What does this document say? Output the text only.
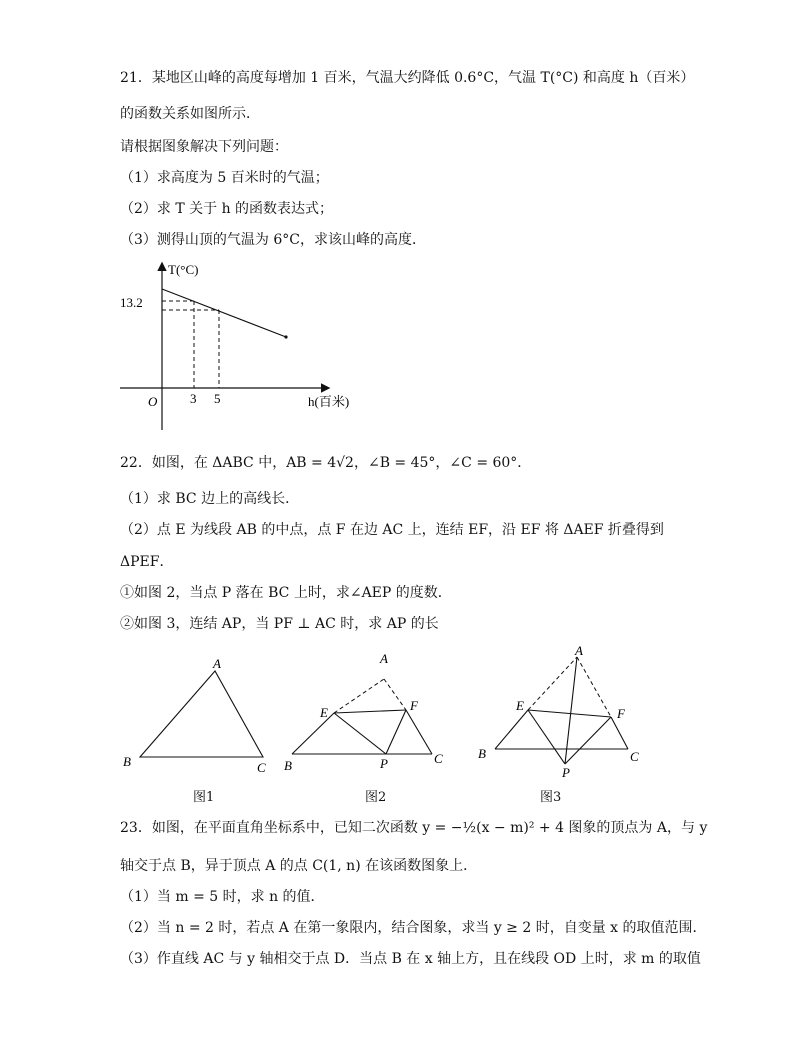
21．某地区山峰的高度每增加 1 百米，气温大约降低 0.6°C，气温 T(°C) 和高度 h（百米）
的函数关系如图所示．
请根据图象解决下列问题：
（1）求高度为 5 百米时的气温；
（2）求 T 关于 h 的函数表达式；
（3）测得山顶的气温为 6°C，求该山峰的高度．
T(°C)
13.2
O	3 5	h(百米)
22．如图，在 ΔABC 中，AB = 4√2，∠B = 45°，∠C = 60°．
（1）求 BC 边上的高线长．
（2）点 E 为线段 AB 的中点，点 F 在边 AC 上，连结 EF，沿 EF 将 ΔAEF 折叠得到
ΔPEF．
①如图 2，当点 P 落在 BC 上时，求∠AEP 的度数．
②如图 3，连结 AP，当 PF ⊥ AC 时，求 AP 的长
A
B	C
A
E	F
B	P	C
A
E
F
B
P
C
图1	图2	图3
23．如图，在平面直角坐标系中，已知二次函数 y = −½(x − m)² + 4 图象的顶点为 A，与 y
轴交于点 B，异于顶点 A 的点 C(1, n) 在该函数图象上．
（1）当 m = 5 时，求 n 的值．
（2）当 n = 2 时，若点 A 在第一象限内，结合图象，求当 y ≥ 2 时，自变量 x 的取值范围．
（3）作直线 AC 与 y 轴相交于点 D．当点 B 在 x 轴上方，且在线段 OD 上时，求 m 的取值
